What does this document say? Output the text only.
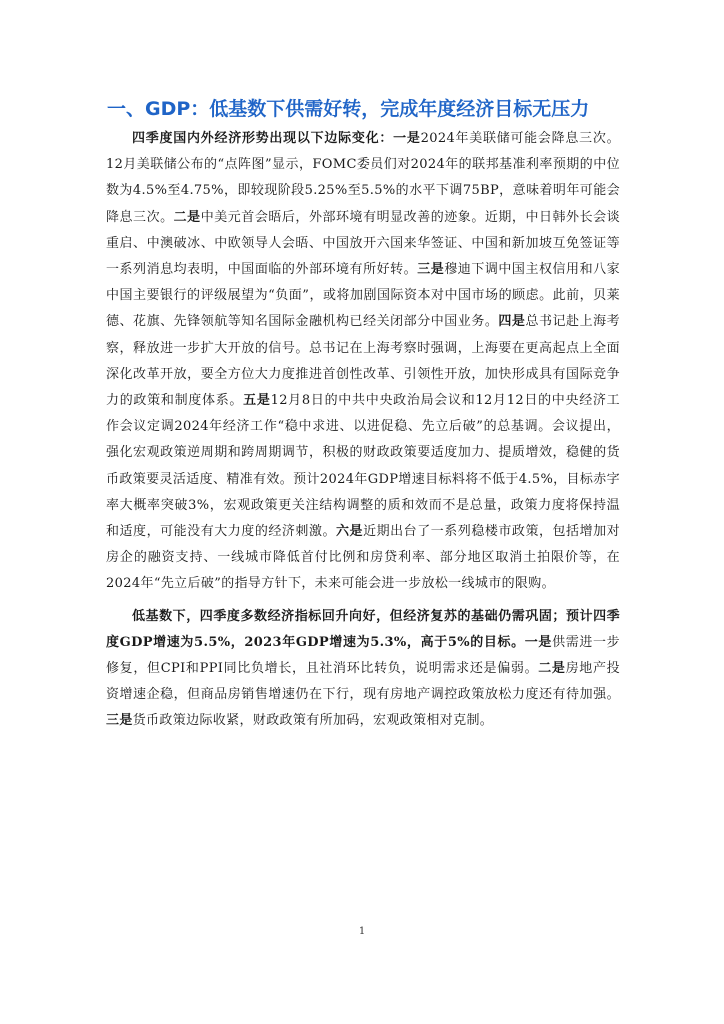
一、GDP：低基数下供需好转，完成年度经济目标无压力

四季度国内外经济形势出现以下边际变化：一是2024年美联储可能会降息三次。12月美联储公布的“点阵图”显示，FOMC委员们对2024年的联邦基准利率预期的中位数为4.5%至4.75%，即较现阶段5.25%至5.5%的水平下调75BP，意味着明年可能会降息三次。二是中美元首会晤后，外部环境有明显改善的迹象。近期，中日韩外长会谈重启、中澳破冰、中欧领导人会晤、中国放开六国来华签证、中国和新加坡互免签证等一系列消息均表明，中国面临的外部环境有所好转。三是穆迪下调中国主权信用和八家中国主要银行的评级展望为“负面”，或将加剧国际资本对中国市场的顾虑。此前，贝莱德、花旗、先锋领航等知名国际金融机构已经关闭部分中国业务。四是总书记赴上海考察，释放进一步扩大开放的信号。总书记在上海考察时强调，上海要在更高起点上全面深化改革开放，要全方位大力度推进首创性改革、引领性开放，加快形成具有国际竞争力的政策和制度体系。五是12月8日的中共中央政治局会议和12月12日的中央经济工作会议定调2024年经济工作“稳中求进、以进促稳、先立后破”的总基调。会议提出，强化宏观政策逆周期和跨周期调节，积极的财政政策要适度加力、提质增效，稳健的货币政策要灵活适度、精准有效。预计2024年GDP增速目标料将不低于4.5%，目标赤字率大概率突破3%，宏观政策更关注结构调整的质和效而不是总量，政策力度将保持温和适度，可能没有大力度的经济刺激。六是近期出台了一系列稳楼市政策，包括增加对房企的融资支持、一线城市降低首付比例和房贷利率、部分地区取消土拍限价等，在2024年“先立后破”的指导方针下，未来可能会进一步放松一线城市的限购。

低基数下，四季度多数经济指标回升向好，但经济复苏的基础仍需巩固；预计四季度GDP增速为5.5%，2023年GDP增速为5.3%，高于5%的目标。一是供需进一步修复，但CPI和PPI同比负增长，且社消环比转负，说明需求还是偏弱。二是房地产投资增速企稳，但商品房销售增速仍在下行，现有房地产调控政策放松力度还有待加强。三是货币政策边际收紧，财政政策有所加码，宏观政策相对克制。

1
